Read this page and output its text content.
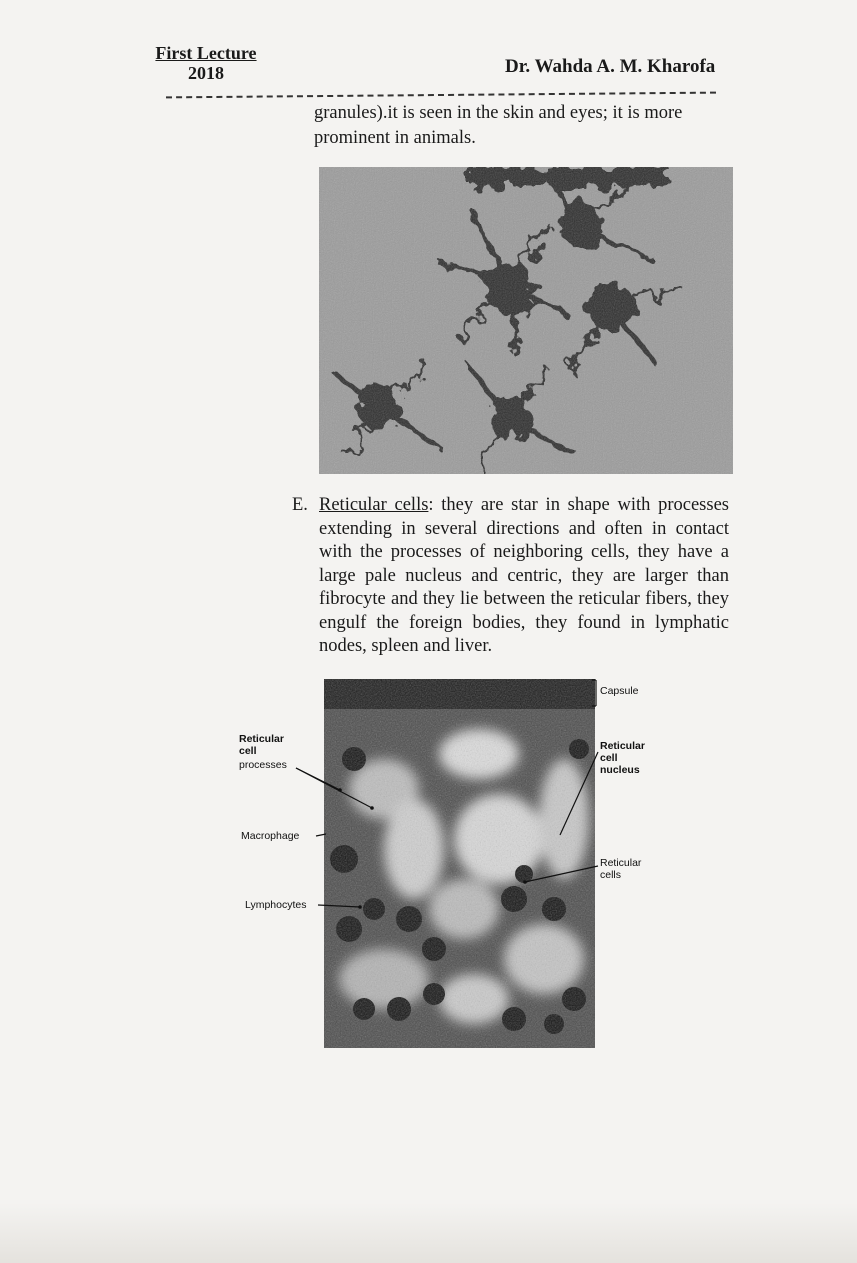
First Lecture
2018	Dr. Wahda A. M. Kharofa
granules).it is seen in the skin and eyes; it is more
prominent in animals.
E. Reticular cells: they are star in shape with processes extending in several directions and often in contact with the processes of neighboring cells, they have a large pale nucleus and centric, they are larger than fibrocyte and they lie between the reticular fibers, they engulf the foreign bodies, they found in lymphatic nodes, spleen and liver.
Reticular
cell
processes
Macrophage
Lymphocytes
Capsule
Reticular
cell
nucleus
Reticular
cells
